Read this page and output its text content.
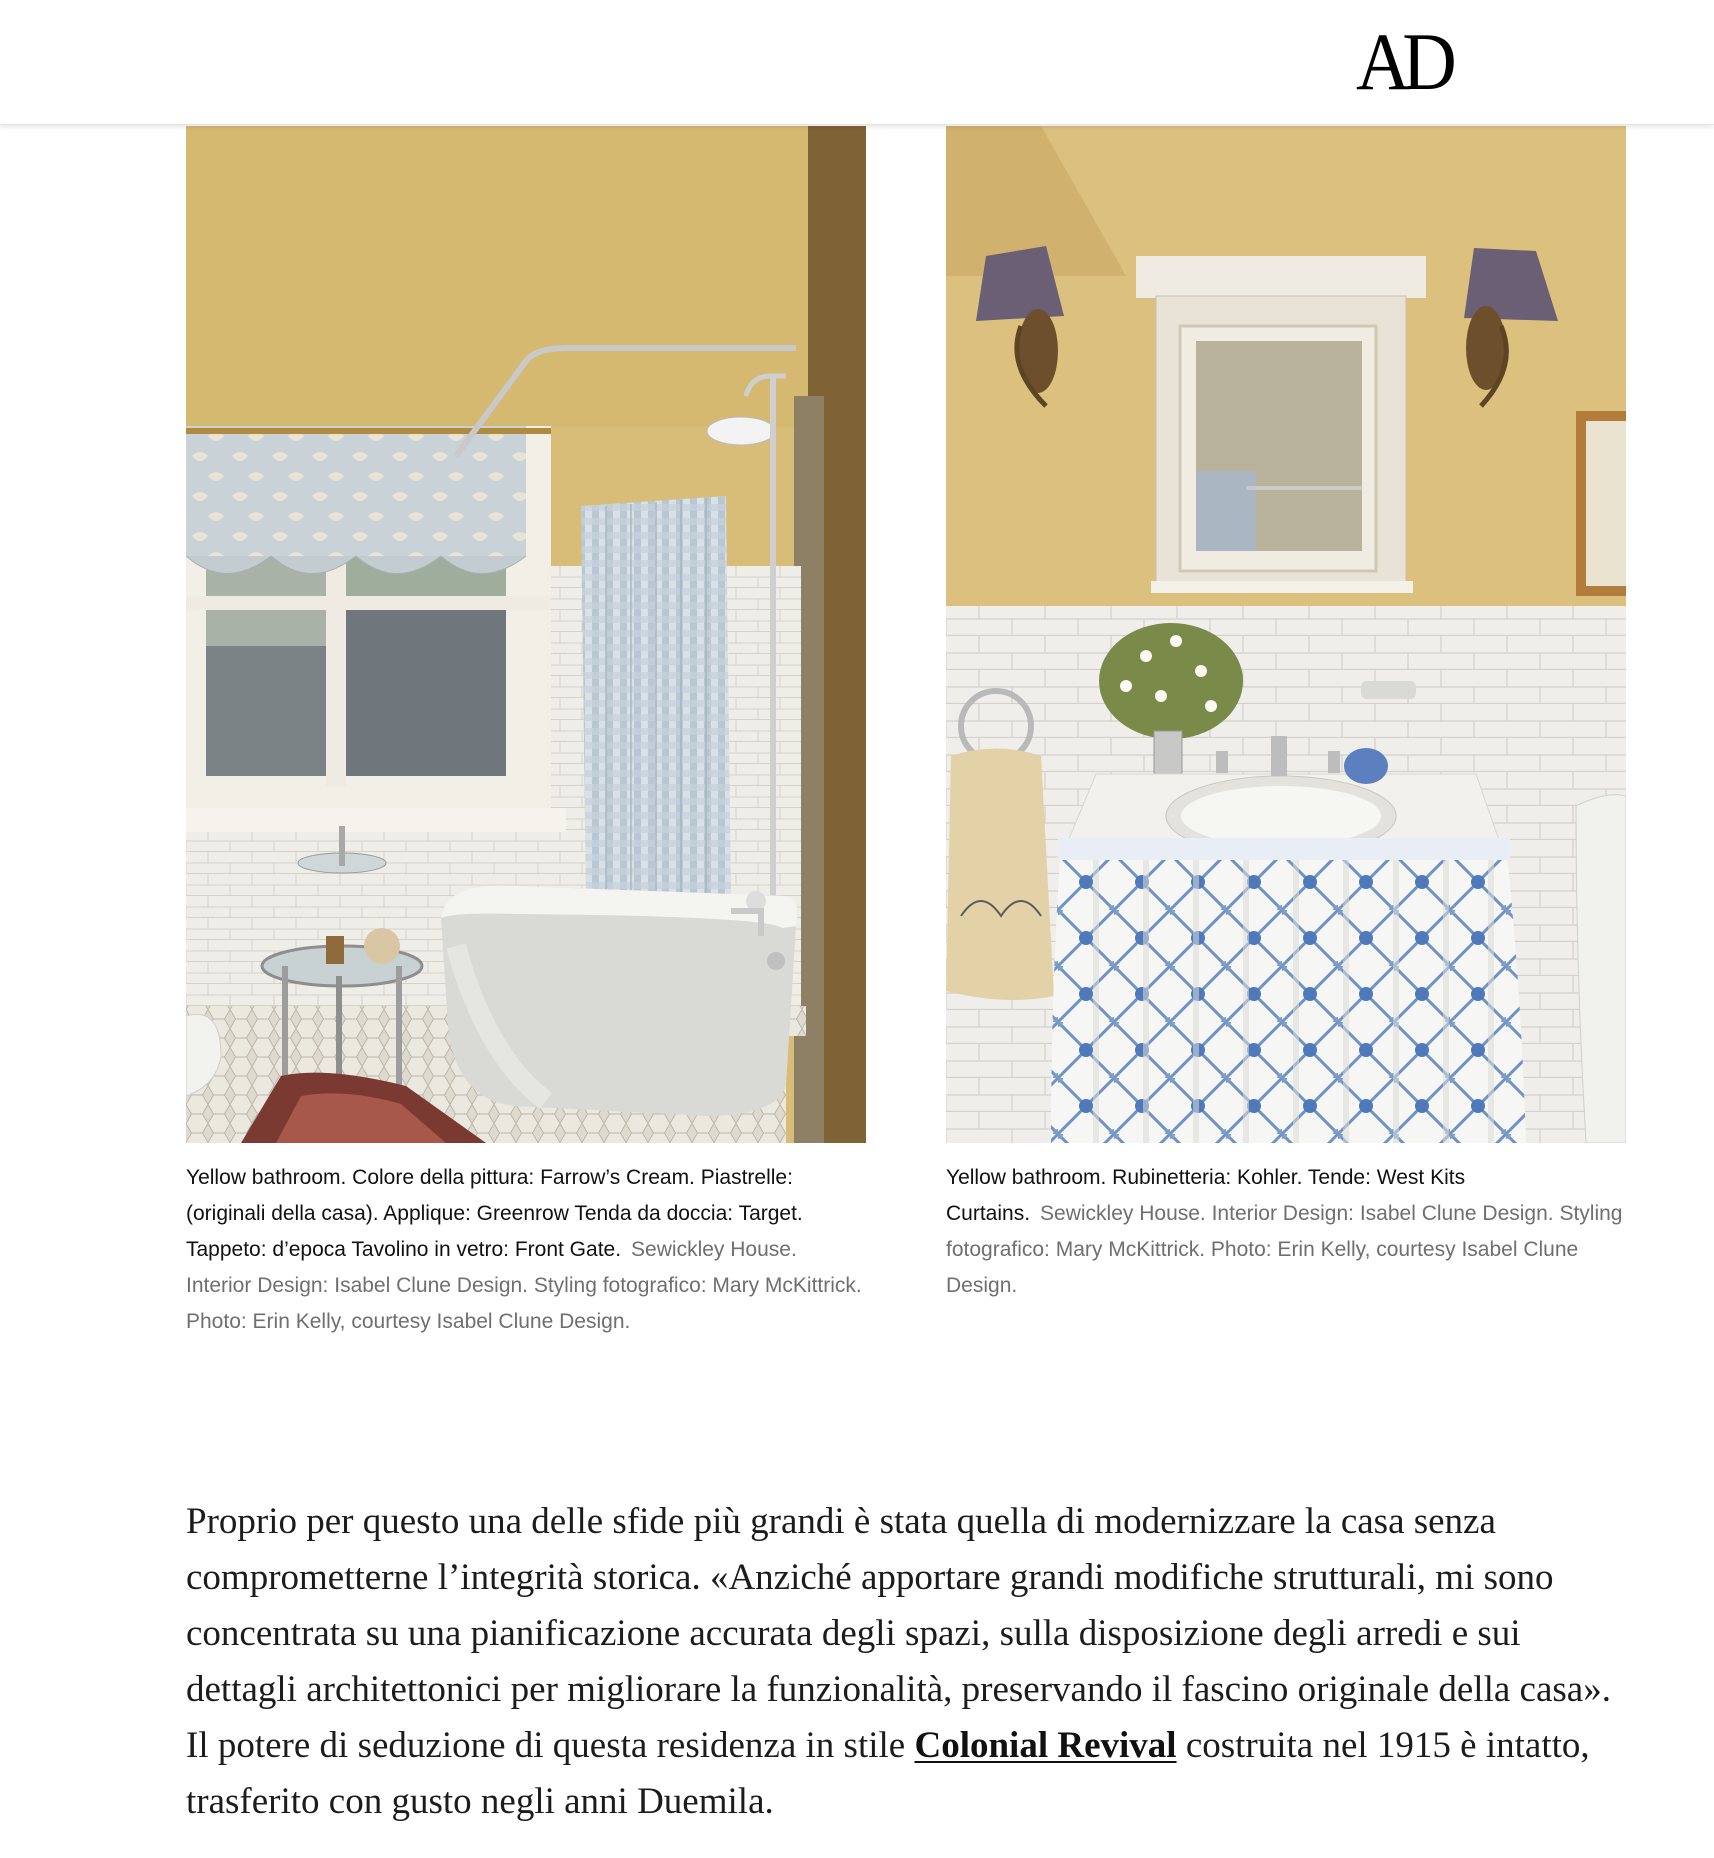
AD

Yellow bathroom. Colore della pittura: Farrow’s Cream. Piastrelle: (originali della casa). Applique: Greenrow Tenda da doccia: Target. Tappeto: d’epoca Tavolino in vetro: Front Gate. Sewickley House. Interior Design: Isabel Clune Design. Styling fotografico: Mary McKittrick. Photo: Erin Kelly, courtesy Isabel Clune Design.

Yellow bathroom. Rubinetteria: Kohler. Tende: West Kits Curtains. Sewickley House. Interior Design: Isabel Clune Design. Styling fotografico: Mary McKittrick. Photo: Erin Kelly, courtesy Isabel Clune Design.

Proprio per questo una delle sfide più grandi è stata quella di modernizzare la casa senza comprometterne l’integrità storica. «Anziché apportare grandi modifiche strutturali, mi sono concentrata su una pianificazione accurata degli spazi, sulla disposizione degli arredi e sui dettagli architettonici per migliorare la funzionalità, preservando il fascino originale della casa». Il potere di seduzione di questa residenza in stile Colonial Revival costruita nel 1915 è intatto, trasferito con gusto negli anni Duemila.
